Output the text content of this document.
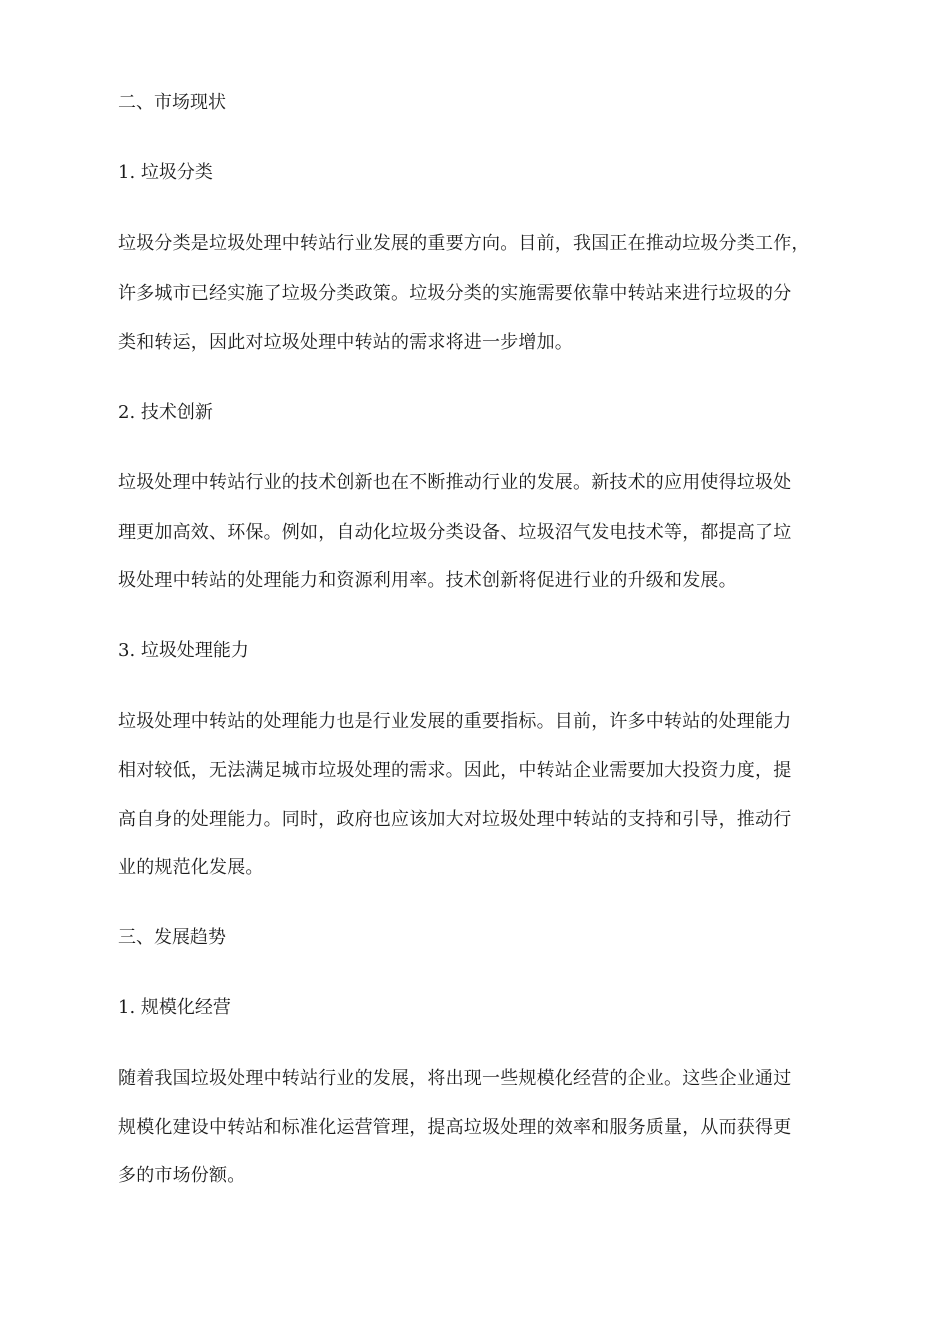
二、市场现状

1. 垃圾分类

垃圾分类是垃圾处理中转站行业发展的重要方向。目前，我国正在推动垃圾分类工作，

许多城市已经实施了垃圾分类政策。垃圾分类的实施需要依靠中转站来进行垃圾的分

类和转运，因此对垃圾处理中转站的需求将进一步增加。

2. 技术创新

垃圾处理中转站行业的技术创新也在不断推动行业的发展。新技术的应用使得垃圾处

理更加高效、环保。例如，自动化垃圾分类设备、垃圾沼气发电技术等，都提高了垃

圾处理中转站的处理能力和资源利用率。技术创新将促进行业的升级和发展。

3. 垃圾处理能力

垃圾处理中转站的处理能力也是行业发展的重要指标。目前，许多中转站的处理能力

相对较低，无法满足城市垃圾处理的需求。因此，中转站企业需要加大投资力度，提

高自身的处理能力。同时，政府也应该加大对垃圾处理中转站的支持和引导，推动行

业的规范化发展。

三、发展趋势

1. 规模化经营

随着我国垃圾处理中转站行业的发展，将出现一些规模化经营的企业。这些企业通过

规模化建设中转站和标准化运营管理，提高垃圾处理的效率和服务质量，从而获得更

多的市场份额。
